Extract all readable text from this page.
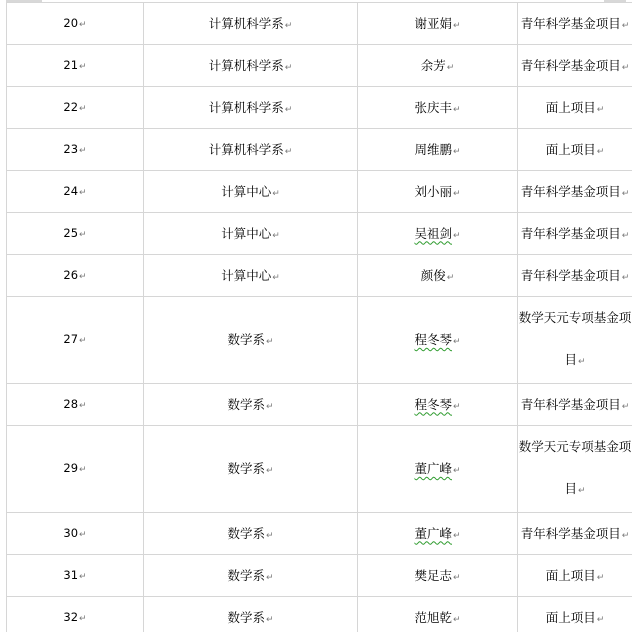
20↵	计算机科学系↵	谢亚娟↵	青年科学基金项目↵
21↵	计算机科学系↵	余芳↵	青年科学基金项目↵
22↵	计算机科学系↵	张庆丰↵	面上项目↵
23↵	计算机科学系↵	周维鹏↵	面上项目↵
24↵	计算中心↵	刘小丽↵	青年科学基金项目↵
25↵	计算中心↵	吴祖剑↵	青年科学基金项目↵
26↵	计算中心↵	颜俊↵	青年科学基金项目↵
27↵	数学系↵	程冬琴↵	数学天元专项基金项目↵

28↵	数学系↵	程冬琴↵	青年科学基金项目↵
29↵	数学系↵	董广峰↵	数学天元专项基金项目↵

30↵	数学系↵	董广峰↵	青年科学基金项目↵
31↵	数学系↵	樊足志↵	面上项目↵
32↵	数学系↵	范旭乾↵	面上项目↵
